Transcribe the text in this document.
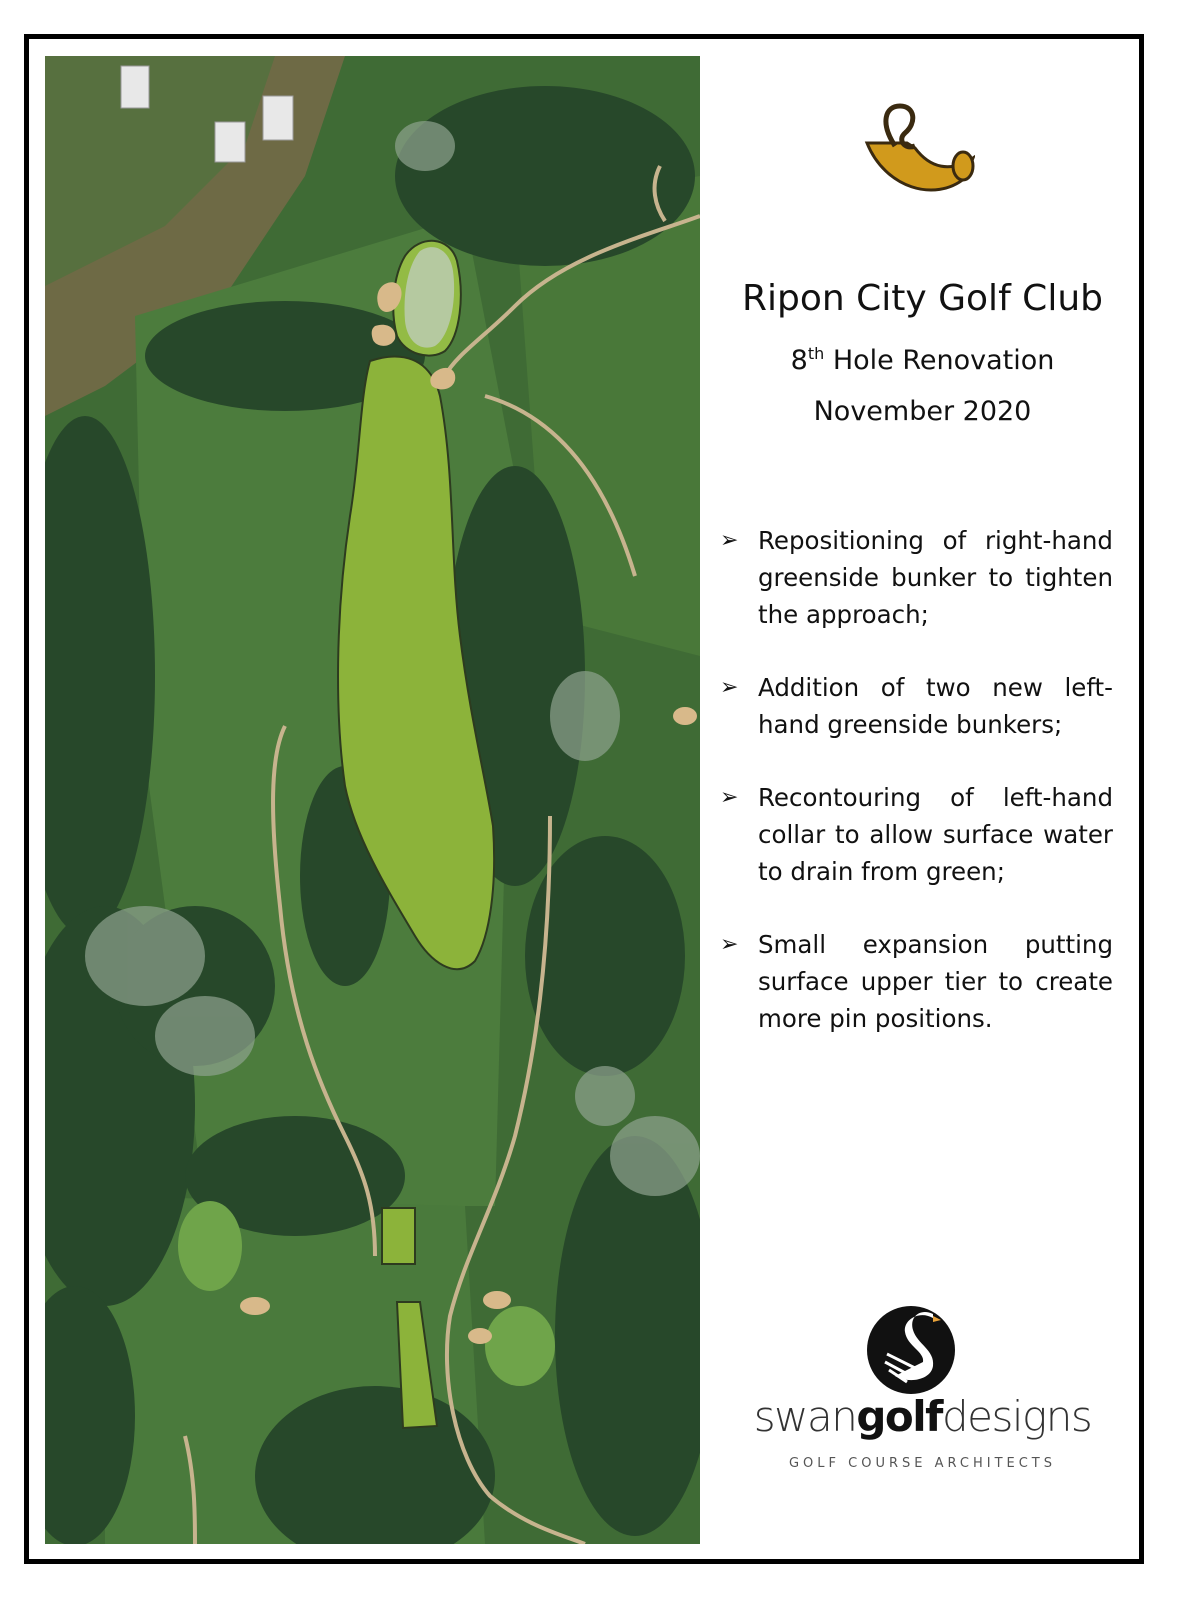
Ripon City Golf Club
8th Hole Renovation
November 2020
➢ Repositioning of right-hand greenside bunker to tighten the approach;
➢ Addition of two new left-hand greenside bunkers;
➢ Recontouring of left-hand collar to allow surface water to drain from green;
➢ Small expansion putting surface upper tier to create more pin positions.
swangolfdesigns
GOLF COURSE ARCHITECTS
